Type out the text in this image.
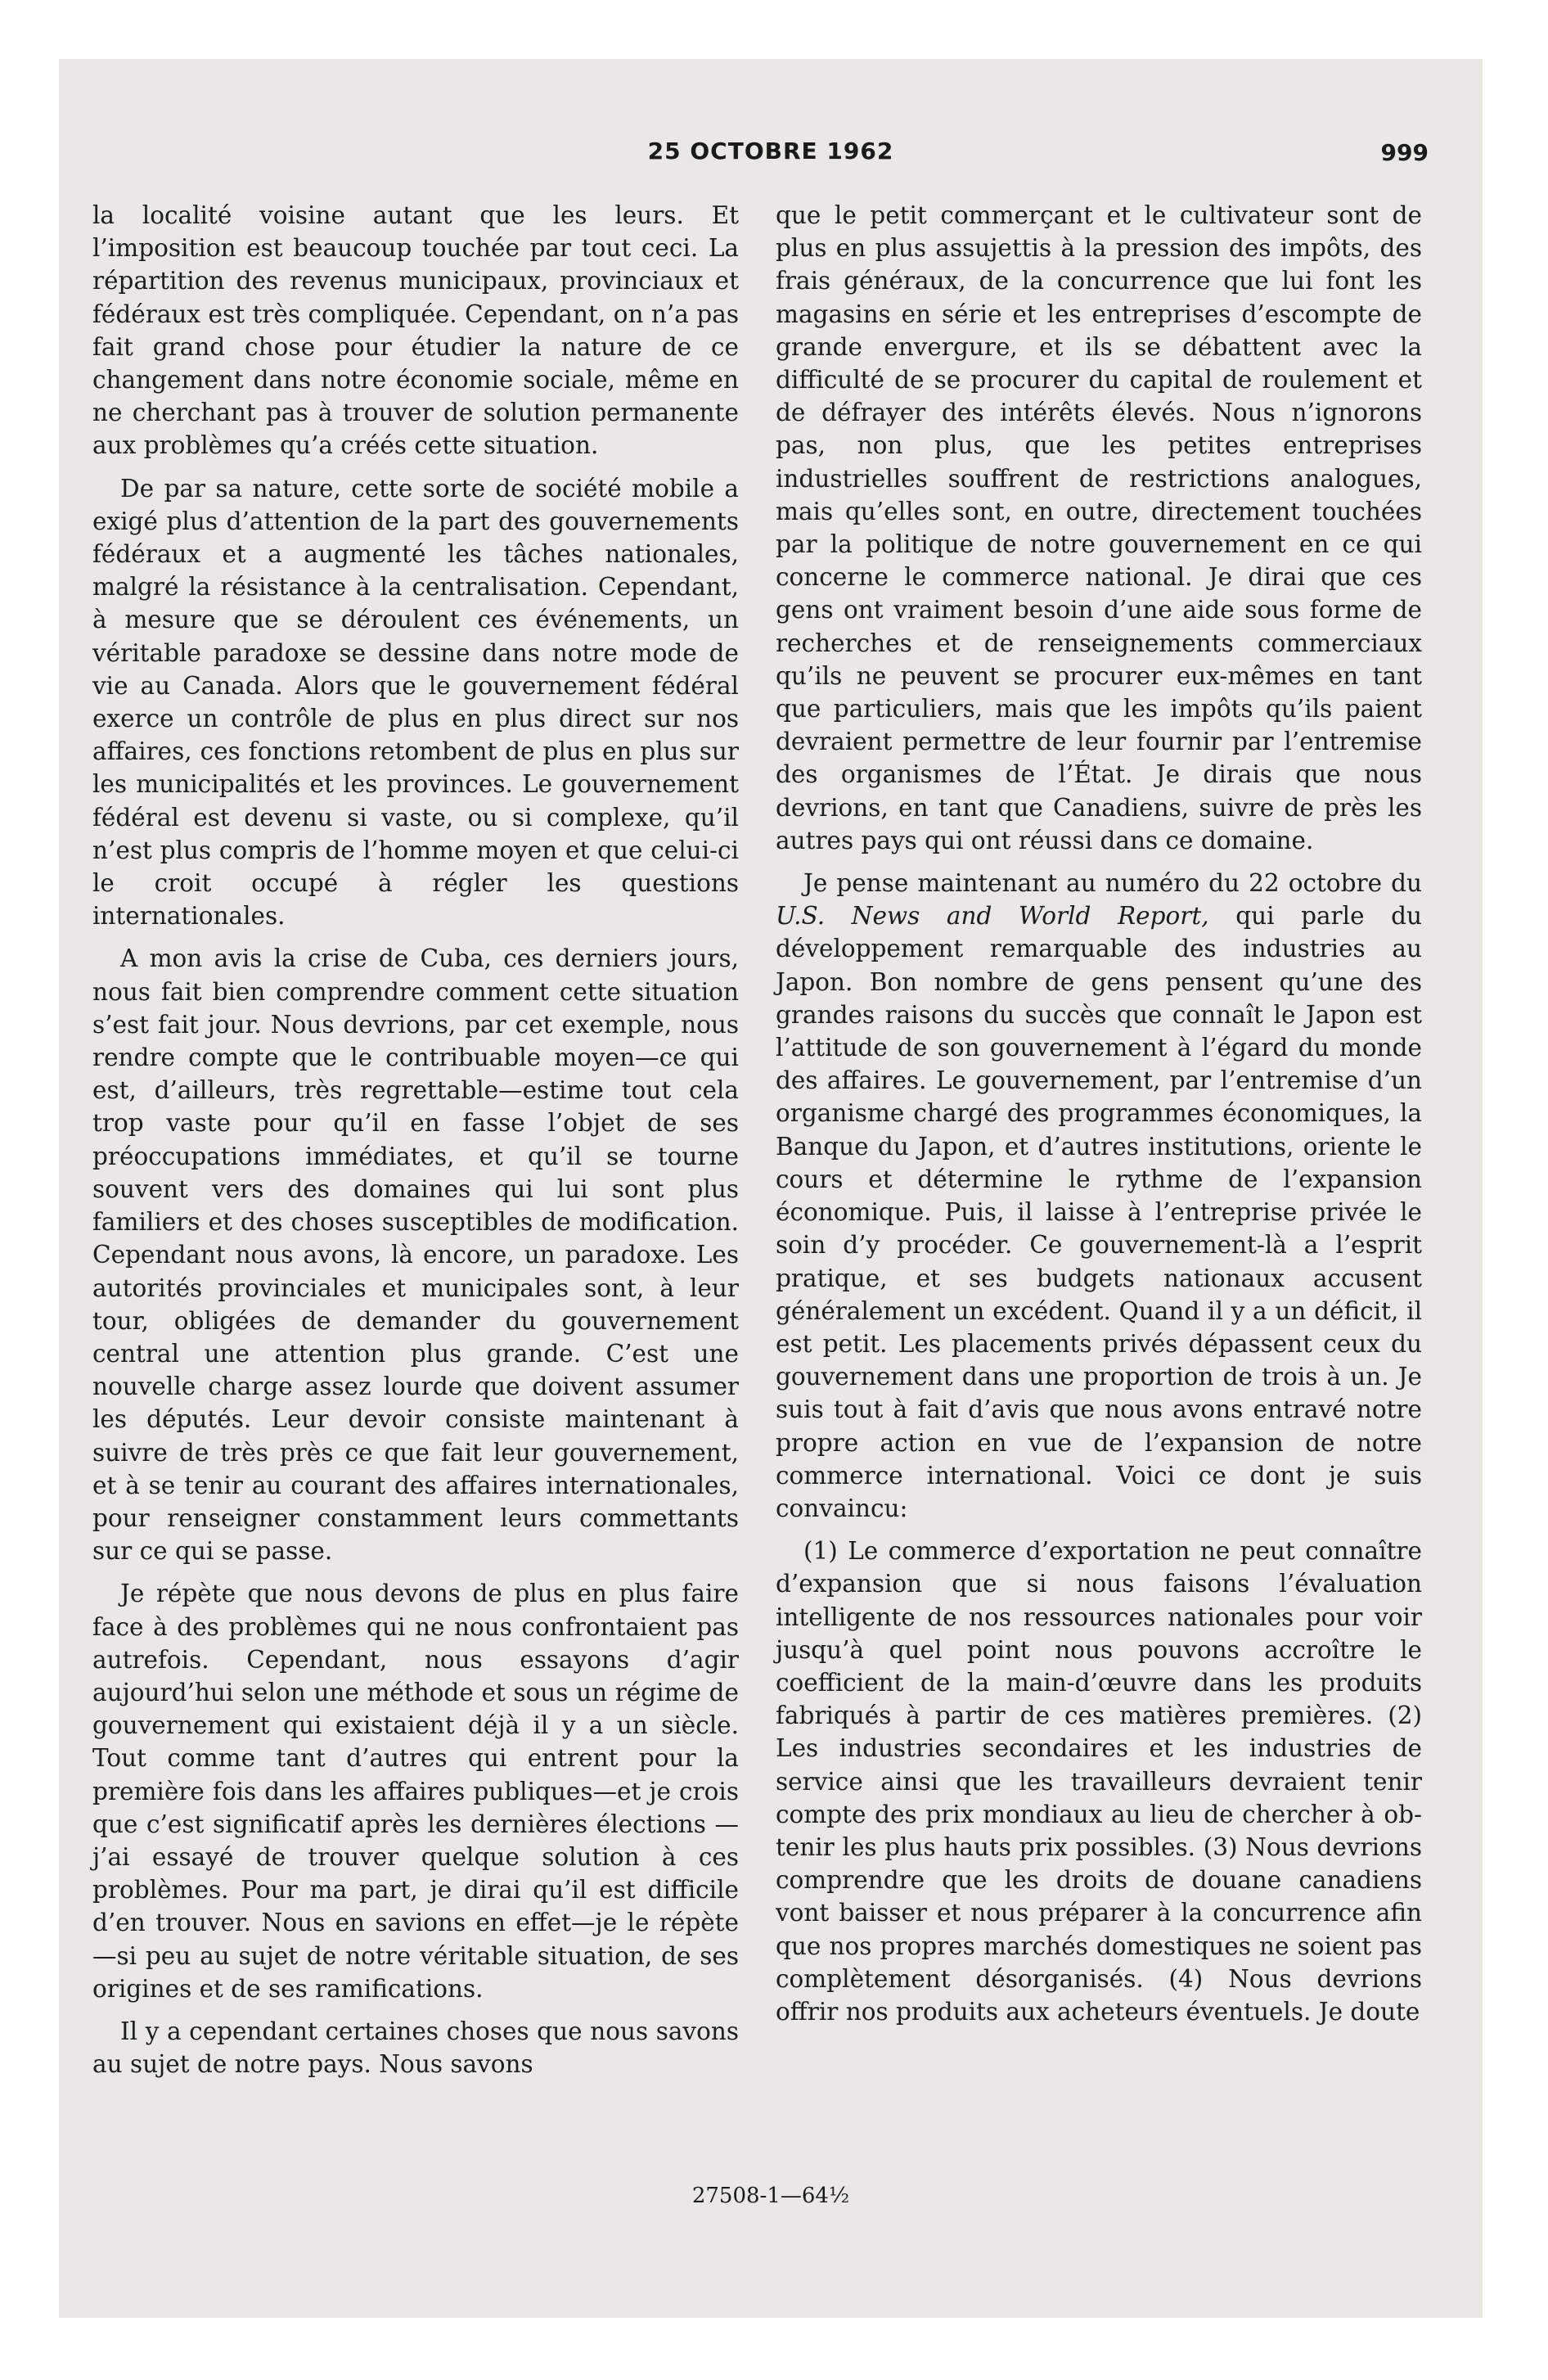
25 OCTOBRE 1962	999

la localité voisine autant que les leurs. Et l’imposition est beaucoup touchée par tout ceci. La répartition des revenus municipaux, provinciaux et fédéraux est très compliquée. Cependant, on n’a pas fait grand chose pour étudier la nature de ce changement dans notre économie sociale, même en ne cherchant pas à trouver de solution permanente aux problèmes qu’a créés cette situation.

De par sa nature, cette sorte de société mobile a exigé plus d’attention de la part des gouvernements fédéraux et a augmenté les tâches nationales, malgré la résistance à la centralisation. Cependant, à mesure que se déroulent ces événements, un véritable paradoxe se dessine dans notre mode de vie au Canada. Alors que le gouvernement fédéral exerce un contrôle de plus en plus direct sur nos affaires, ces fonctions retombent de plus en plus sur les municipalités et les provinces. Le gouvernement fédéral est devenu si vaste, ou si complexe, qu’il n’est plus compris de l’homme moyen et que celui-ci le croit occupé à régler les questions internationales.

A mon avis la crise de Cuba, ces derniers jours, nous fait bien comprendre comment cette situation s’est fait jour. Nous devrions, par cet exemple, nous rendre compte que le contribuable moyen—ce qui est, d’ailleurs, très regrettable—estime tout cela trop vaste pour qu’il en fasse l’objet de ses préoccupations immédiates, et qu’il se tourne souvent vers des domaines qui lui sont plus familiers et des choses susceptibles de modification. Cependant nous avons, là encore, un paradoxe. Les autorités provinciales et municipales sont, à leur tour, obligées de demander du gouvernement central une attention plus grande. C’est une nouvelle charge assez lourde que doivent assumer les députés. Leur devoir consiste maintenant à suivre de très près ce que fait leur gouvernement, et à se tenir au courant des affaires internationales, pour renseigner constamment leurs commettants sur ce qui se passe.

Je répète que nous devons de plus en plus faire face à des problèmes qui ne nous confrontaient pas autrefois. Cependant, nous essayons d’agir aujourd’hui selon une méthode et sous un régime de gouvernement qui existaient déjà il y a un siècle. Tout comme tant d’autres qui entrent pour la première fois dans les affaires publiques—et je crois que c’est significatif après les dernières élections —j’ai essayé de trouver quelque solution à ces problèmes. Pour ma part, je dirai qu’il est difficile d’en trouver. Nous en savions en effet—je le répète—si peu au sujet de notre véritable situation, de ses origines et de ses ramifications.

Il y a cependant certaines choses que nous savons au sujet de notre pays. Nous savons

que le petit commerçant et le cultivateur sont de plus en plus assujettis à la pression des impôts, des frais généraux, de la concurrence que lui font les magasins en série et les entreprises d’escompte de grande envergure, et ils se débattent avec la difficulté de se procurer du capital de roulement et de défrayer des intérêts élevés. Nous n’ignorons pas, non plus, que les petites entreprises industrielles souffrent de restrictions analogues, mais qu’elles sont, en outre, directement touchées par la politique de notre gouvernement en ce qui concerne le commerce national. Je dirai que ces gens ont vraiment besoin d’une aide sous forme de recherches et de renseignements commerciaux qu’ils ne peuvent se procurer eux-mêmes en tant que particuliers, mais que les impôts qu’ils paient devraient permettre de leur fournir par l’entremise des organismes de l’État. Je dirais que nous devrions, en tant que Canadiens, suivre de près les autres pays qui ont réussi dans ce domaine.

Je pense maintenant au numéro du 22 octobre du U.S. News and World Report, qui parle du développement remarquable des industries au Japon. Bon nombre de gens pensent qu’une des grandes raisons du succès que connaît le Japon est l’attitude de son gouvernement à l’égard du monde des affaires. Le gouvernement, par l’entremise d’un organisme chargé des programmes économiques, la Banque du Japon, et d’autres institutions, oriente le cours et détermine le rythme de l’expansion économique. Puis, il laisse à l’entreprise privée le soin d’y procéder. Ce gouvernement-là a l’esprit pratique, et ses budgets nationaux accusent généralement un excédent. Quand il y a un déficit, il est petit. Les placements privés dépassent ceux du gouvernement dans une proportion de trois à un. Je suis tout à fait d’avis que nous avons entravé notre propre action en vue de l’expansion de notre commerce international. Voici ce dont je suis convaincu:

(1) Le commerce d’exportation ne peut connaître d’expansion que si nous faisons l’évaluation intelligente de nos ressources nationales pour voir jusqu’à quel point nous pouvons accroître le coefficient de la main-d’œuvre dans les produits fabriqués à partir de ces matières premières. (2) Les industries secondaires et les industries de service ainsi que les travailleurs devraient tenir compte des prix mondiaux au lieu de chercher à obtenir les plus hauts prix possibles. (3) Nous devrions comprendre que les droits de douane canadiens vont baisser et nous préparer à la concurrence afin que nos propres marchés domestiques ne soient pas complètement désorganisés. (4) Nous devrions offrir nos produits aux acheteurs éventuels. Je doute

27508-1—64½
